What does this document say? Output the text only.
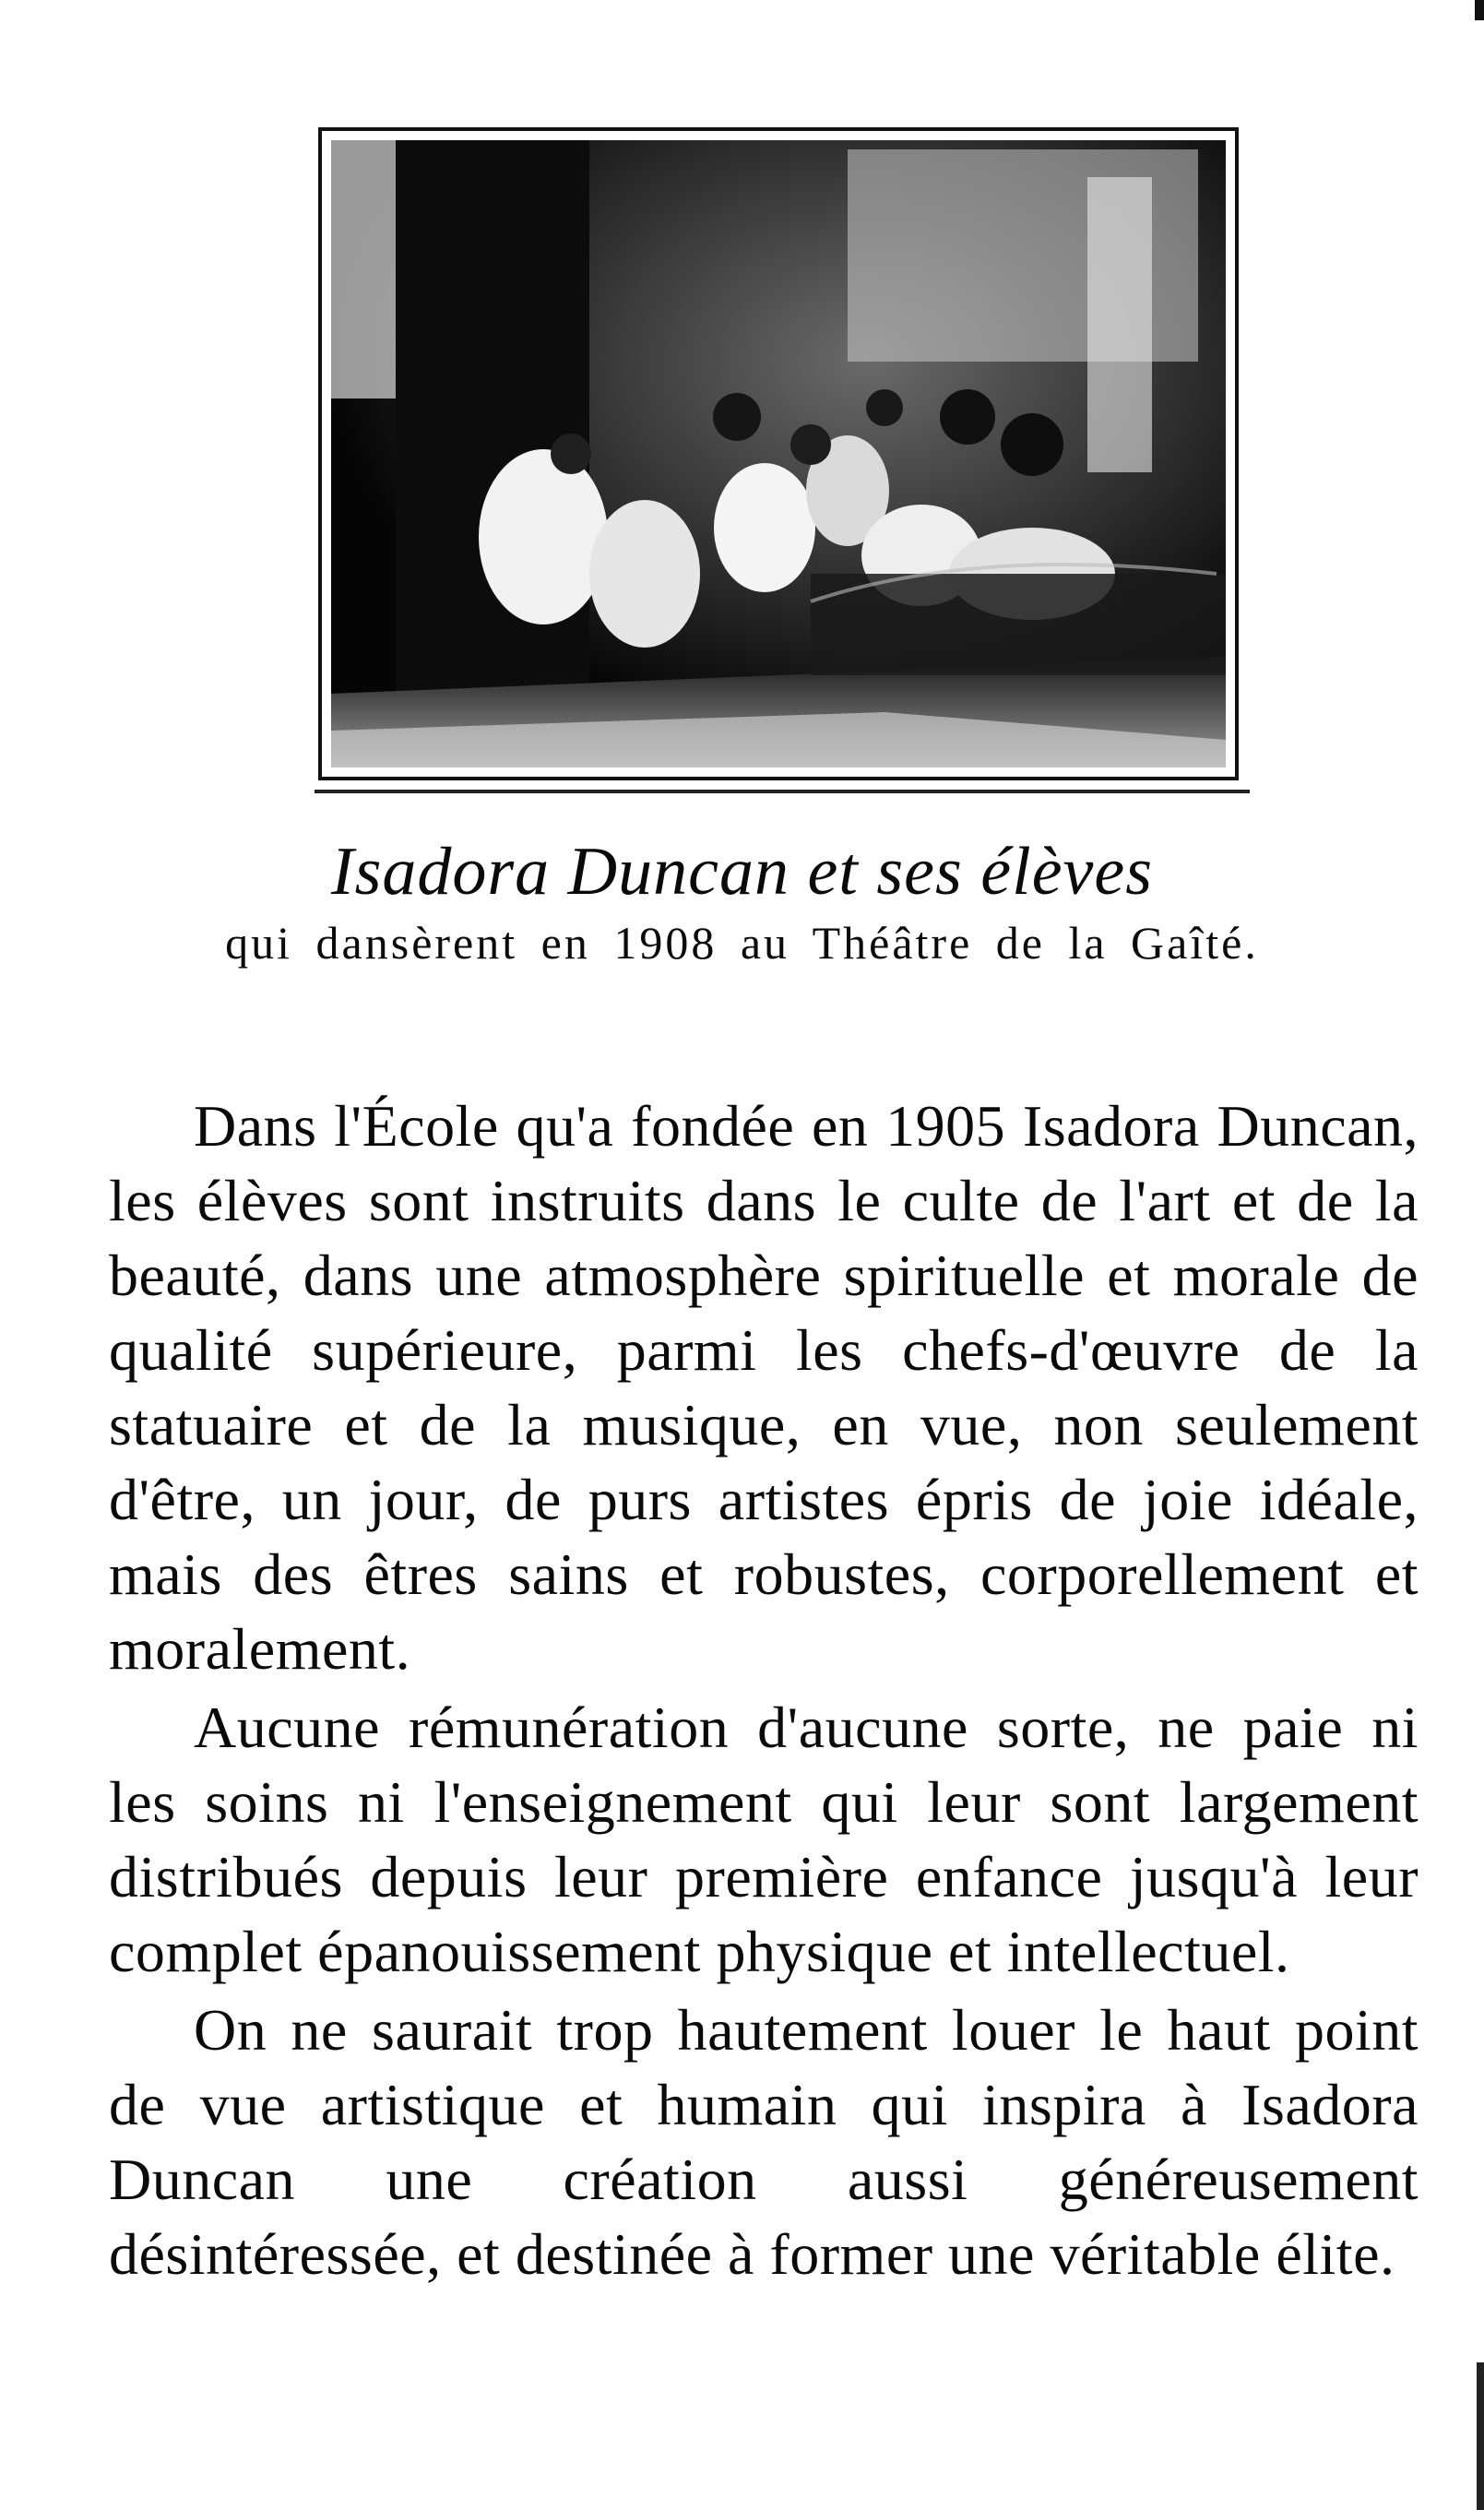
Isadora Duncan et ses élèves

qui dansèrent en 1908 au Théâtre de la Gaîté.

Dans l'École qu'a fondée en 1905 Isadora Duncan, les élèves sont instruits dans le culte de l'art et de la beauté, dans une atmosphère spirituelle et morale de qualité supérieure, parmi les chefs-d'œuvre de la statuaire et de la musique, en vue, non seulement d'être, un jour, de purs artistes épris de joie idéale, mais des êtres sains et robustes, corporellement et moralement.

Aucune rémunération d'aucune sorte, ne paie ni les soins ni l'enseignement qui leur sont largement distribués depuis leur première enfance jusqu'à leur complet épanouissement physique et intellectuel.

On ne saurait trop hautement louer le haut point de vue artistique et humain qui inspira à Isadora Duncan une création aussi généreusement désintéressée, et destinée à former une véritable élite.
